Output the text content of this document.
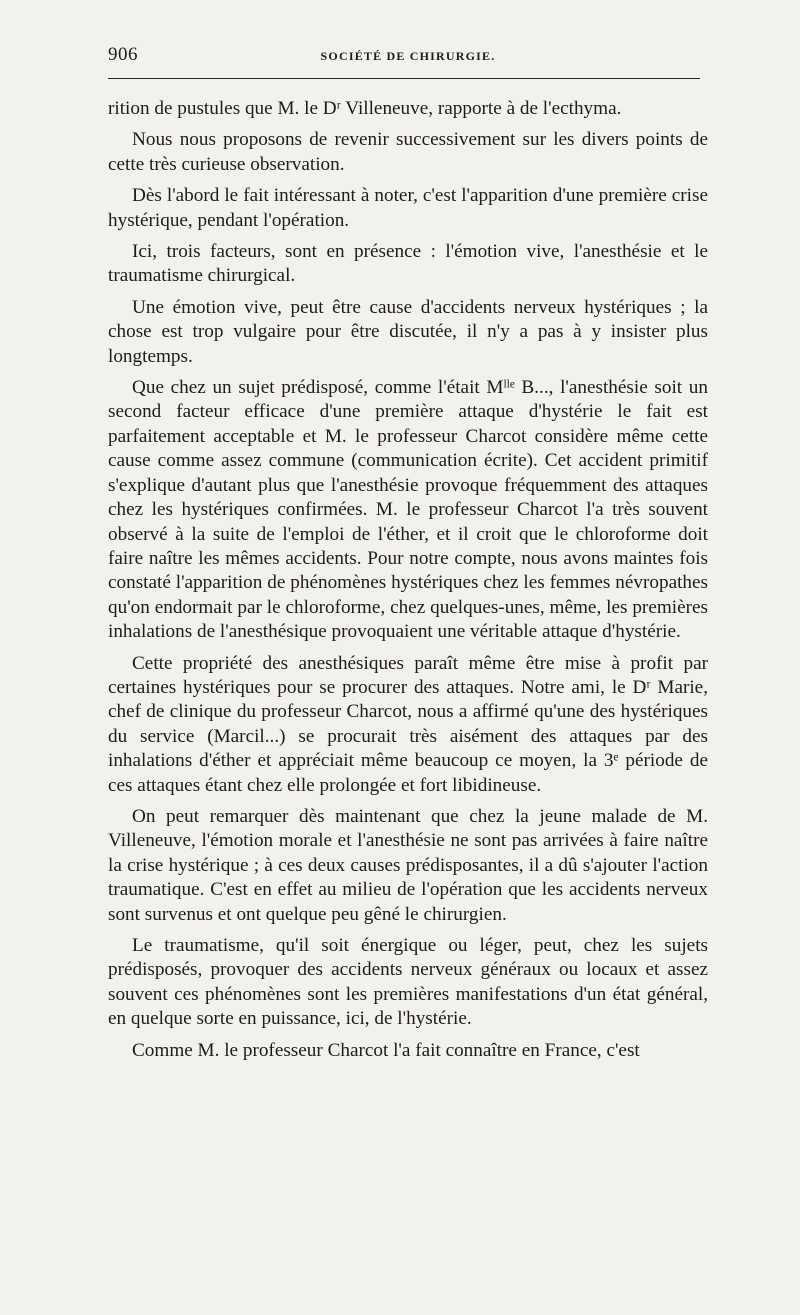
906	SOCIÉTÉ DE CHIRURGIE.

rition de pustules que M. le Dʳ Villeneuve, rapporte à de l'ecthyma.

Nous nous proposons de revenir successivement sur les divers points de cette très curieuse observation.

Dès l'abord le fait intéressant à noter, c'est l'apparition d'une première crise hystérique, pendant l'opération.

Ici, trois facteurs, sont en présence : l'émotion vive, l'anesthésie et le traumatisme chirurgical.

Une émotion vive, peut être cause d'accidents nerveux hystériques ; la chose est trop vulgaire pour être discutée, il n'y a pas à y insister plus longtemps.

Que chez un sujet prédisposé, comme l'était Mˡˡᵉ B..., l'anesthésie soit un second facteur efficace d'une première attaque d'hystérie le fait est parfaitement acceptable et M. le professeur Charcot considère même cette cause comme assez commune (communication écrite). Cet accident primitif s'explique d'autant plus que l'anesthésie provoque fréquemment des attaques chez les hystériques confirmées. M. le professeur Charcot l'a très souvent observé à la suite de l'emploi de l'éther, et il croit que le chloroforme doit faire naître les mêmes accidents. Pour notre compte, nous avons maintes fois constaté l'apparition de phénomènes hystériques chez les femmes névropathes qu'on endormait par le chloroforme, chez quelques-unes, même, les premières inhalations de l'anesthésique provoquaient une véritable attaque d'hystérie.

Cette propriété des anesthésiques paraît même être mise à profit par certaines hystériques pour se procurer des attaques. Notre ami, le Dʳ Marie, chef de clinique du professeur Charcot, nous a affirmé qu'une des hystériques du service (Marcil...) se procurait très aisément des attaques par des inhalations d'éther et appréciait même beaucoup ce moyen, la 3ᵉ période de ces attaques étant chez elle prolongée et fort libidineuse.

On peut remarquer dès maintenant que chez la jeune malade de M. Villeneuve, l'émotion morale et l'anesthésie ne sont pas arrivées à faire naître la crise hystérique ; à ces deux causes prédisposantes, il a dû s'ajouter l'action traumatique. C'est en effet au milieu de l'opération que les accidents nerveux sont survenus et ont quelque peu gêné le chirurgien.

Le traumatisme, qu'il soit énergique ou léger, peut, chez les sujets prédisposés, provoquer des accidents nerveux généraux ou locaux et assez souvent ces phénomènes sont les premières manifestations d'un état général, en quelque sorte en puissance, ici, de l'hystérie.

Comme M. le professeur Charcot l'a fait connaître en France, c'est
